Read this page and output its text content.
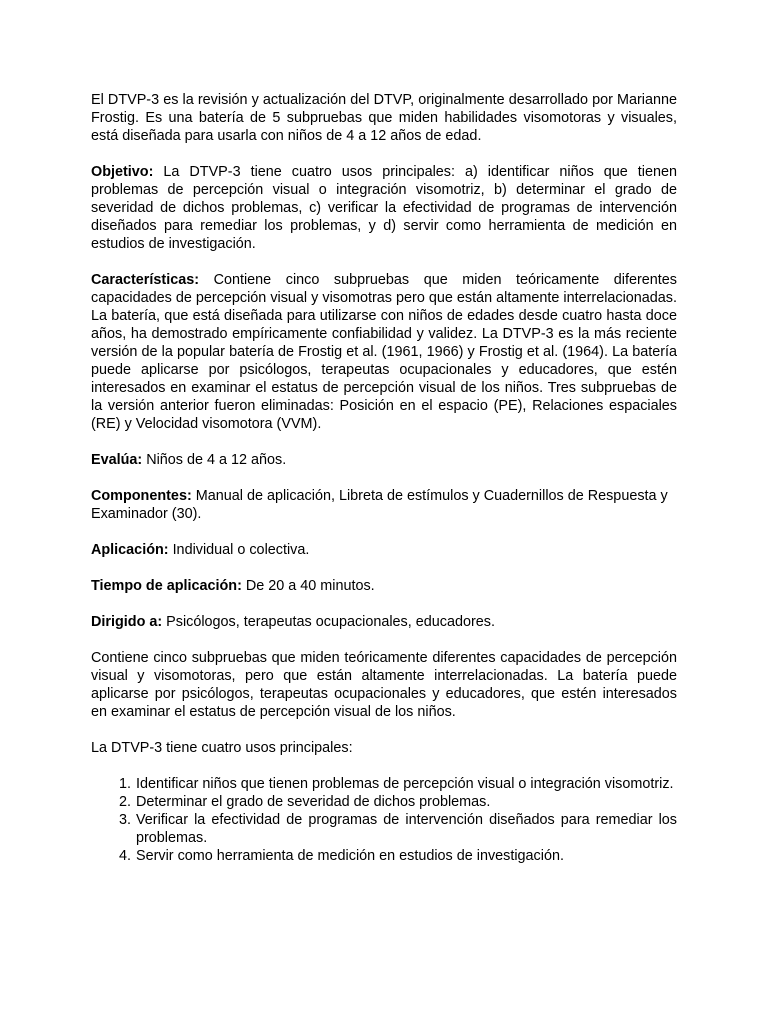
El DTVP-3 es la revisión y actualización del DTVP, originalmente desarrollado por Marianne Frostig. Es una batería de 5 subpruebas que miden habilidades visomotoras y visuales, está diseñada para usarla con niños de 4 a 12 años de edad.

Objetivo: La DTVP-3 tiene cuatro usos principales: a) identificar niños que tienen problemas de percepción visual o integración visomotriz, b) determinar el grado de severidad de dichos problemas, c) verificar la efectividad de programas de intervención diseñados para remediar los problemas, y d) servir como herramienta de medición en estudios de investigación.

Características: Contiene cinco subpruebas que miden teóricamente diferentes capacidades de percepción visual y visomotras pero que están altamente interrelacionadas. La batería, que está diseñada para utilizarse con niños de edades desde cuatro hasta doce años, ha demostrado empíricamente confiabilidad y validez. La DTVP-3 es la más reciente versión de la popular batería de Frostig et al. (1961, 1966) y Frostig et al. (1964). La batería puede aplicarse por psicólogos, terapeutas ocupacionales y educadores, que estén interesados en examinar el estatus de percepción visual de los niños. Tres subpruebas de la versión anterior fueron eliminadas: Posición en el espacio (PE), Relaciones espaciales (RE) y Velocidad visomotora (VVM).

Evalúa: Niños de 4 a 12 años.

Componentes: Manual de aplicación, Libreta de estímulos y Cuadernillos de Respuesta y Examinador (30).

Aplicación: Individual o colectiva.

Tiempo de aplicación: De 20 a 40 minutos.

Dirigido a: Psicólogos, terapeutas ocupacionales, educadores.

Contiene cinco subpruebas que miden teóricamente diferentes capacidades de percepción visual y visomotoras, pero que están altamente interrelacionadas. La batería puede aplicarse por psicólogos, terapeutas ocupacionales y educadores, que estén interesados en examinar el estatus de percepción visual de los niños.

La DTVP-3 tiene cuatro usos principales:

1. Identificar niños que tienen problemas de percepción visual o integración visomotriz.
2. Determinar el grado de severidad de dichos problemas.
3. Verificar la efectividad de programas de intervención diseñados para remediar los problemas.
4. Servir como herramienta de medición en estudios de investigación.
